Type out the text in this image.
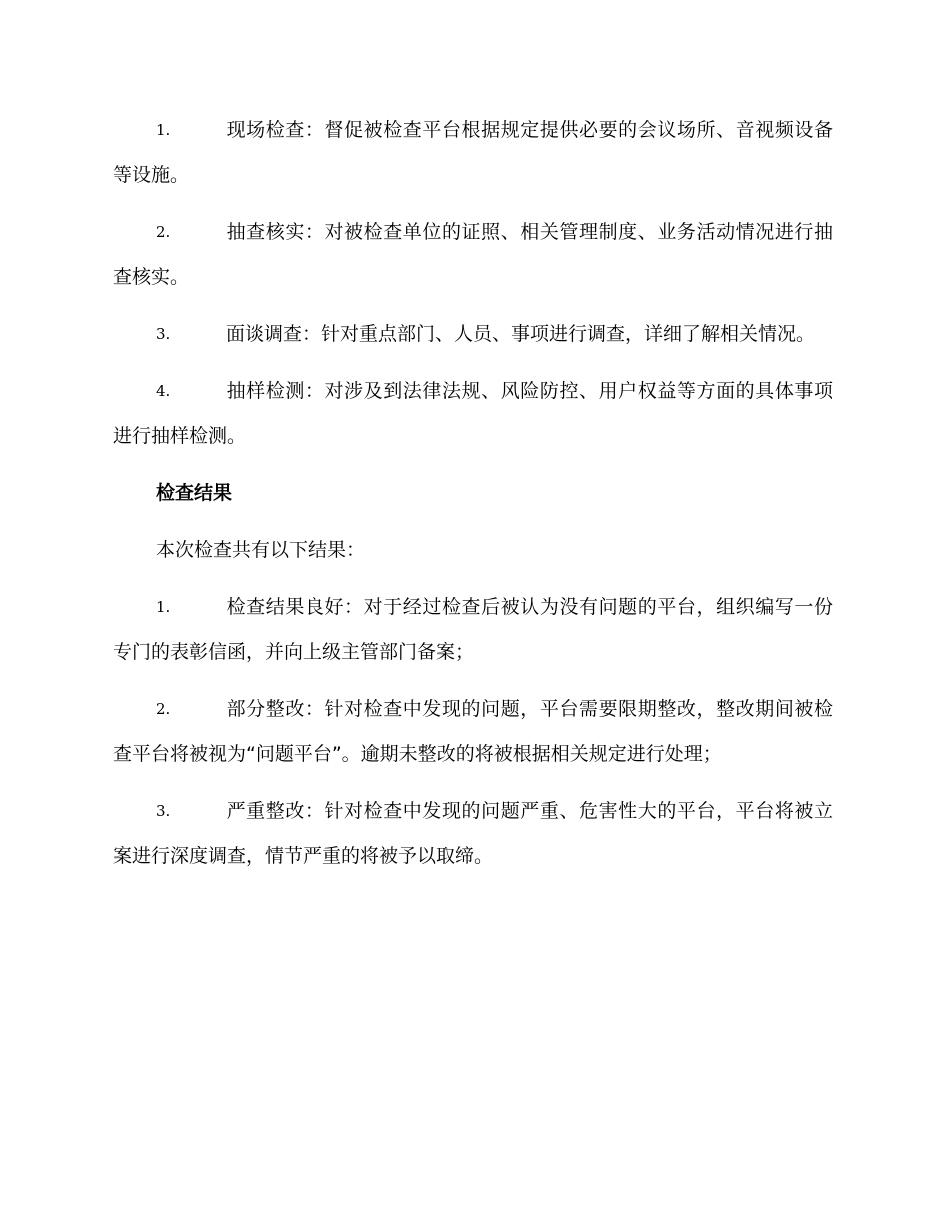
1.	现场检查：督促被检查平台根据规定提供必要的会议场所、音视频设备等设施。
2.	抽查核实：对被检查单位的证照、相关管理制度、业务活动情况进行抽查核实。
3.	面谈调查：针对重点部门、人员、事项进行调查，详细了解相关情况。
4.	抽样检测：对涉及到法律法规、风险防控、用户权益等方面的具体事项进行抽样检测。
检查结果
本次检查共有以下结果：
1.	检查结果良好：对于经过检查后被认为没有问题的平台，组织编写一份专门的表彰信函，并向上级主管部门备案；
2.	部分整改：针对检查中发现的问题，平台需要限期整改，整改期间被检查平台将被视为“问题平台”。逾期未整改的将被根据相关规定进行处理；
3.	严重整改：针对检查中发现的问题严重、危害性大的平台，平台将被立案进行深度调查，情节严重的将被予以取缔。
